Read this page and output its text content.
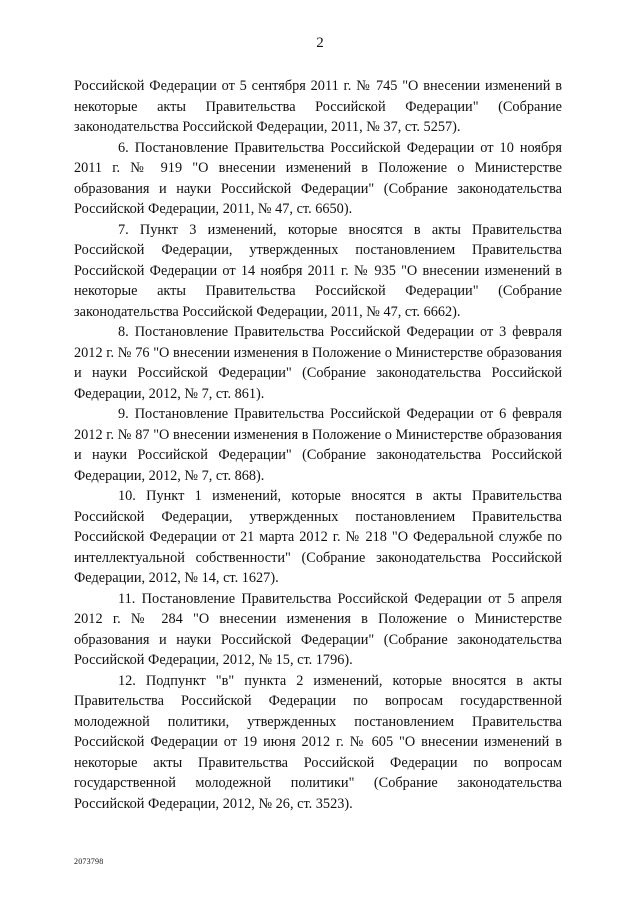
2

Российской Федерации от 5 сентября 2011 г. № 745 "О внесении изменений в некоторые акты Правительства Российской Федерации" (Собрание законодательства Российской Федерации, 2011, № 37, ст. 5257).

6. Постановление Правительства Российской Федерации от 10 ноября 2011 г. № 919 "О внесении изменений в Положение о Министерстве образования и науки Российской Федерации" (Собрание законодательства Российской Федерации, 2011, № 47, ст. 6650).

7. Пункт 3 изменений, которые вносятся в акты Правительства Российской Федерации, утвержденных постановлением Правительства Российской Федерации от 14 ноября 2011 г. № 935 "О внесении изменений в некоторые акты Правительства Российской Федерации" (Собрание законодательства Российской Федерации, 2011, № 47, ст. 6662).

8. Постановление Правительства Российской Федерации от 3 февраля 2012 г. № 76 "О внесении изменения в Положение о Министерстве образования и науки Российской Федерации" (Собрание законодательства Российской Федерации, 2012, № 7, ст. 861).

9. Постановление Правительства Российской Федерации от 6 февраля 2012 г. № 87 "О внесении изменения в Положение о Министерстве образования и науки Российской Федерации" (Собрание законодательства Российской Федерации, 2012, № 7, ст. 868).

10. Пункт 1 изменений, которые вносятся в акты Правительства Российской Федерации, утвержденных постановлением Правительства Российской Федерации от 21 марта 2012 г. № 218 "О Федеральной службе по интеллектуальной собственности" (Собрание законодательства Российской Федерации, 2012, № 14, ст. 1627).

11. Постановление Правительства Российской Федерации от 5 апреля 2012 г. № 284 "О внесении изменения в Положение о Министерстве образования и науки Российской Федерации" (Собрание законодательства Российской Федерации, 2012, № 15, ст. 1796).

12. Подпункт "в" пункта 2 изменений, которые вносятся в акты Правительства Российской Федерации по вопросам государственной молодежной политики, утвержденных постановлением Правительства Российской Федерации от 19 июня 2012 г. № 605 "О внесении изменений в некоторые акты Правительства Российской Федерации по вопросам государственной молодежной политики" (Собрание законодательства Российской Федерации, 2012, № 26, ст. 3523).

2073798
